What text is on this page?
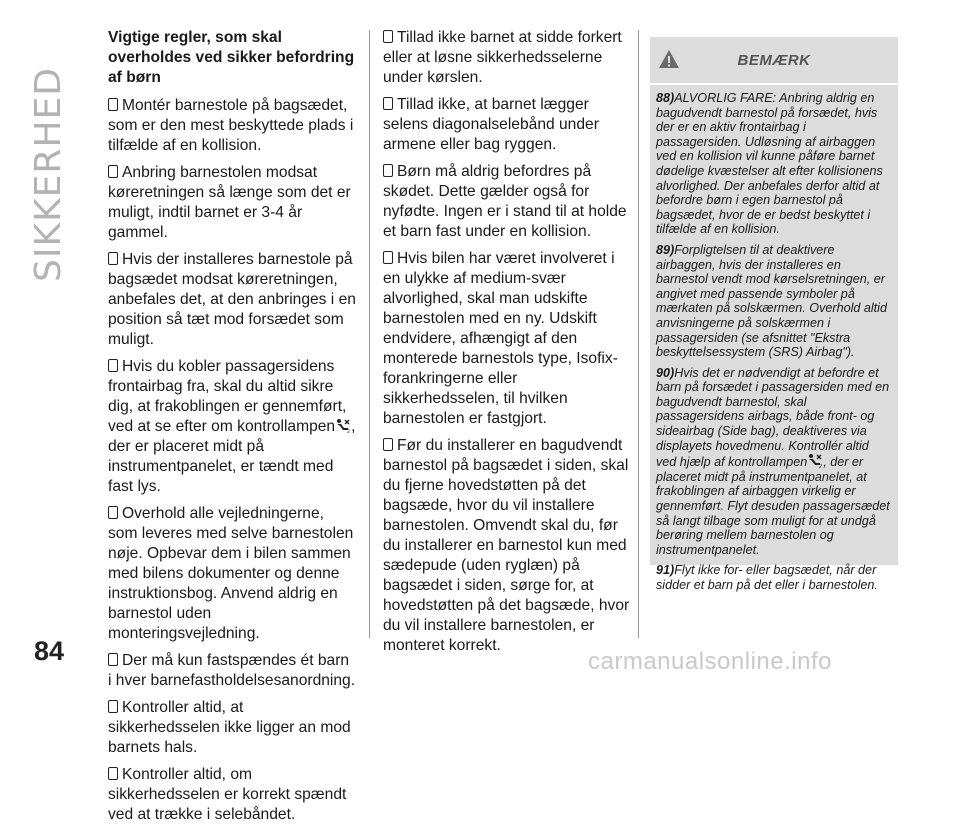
SIKKERHED
Vigtige regler, som skal overholdes ved sikker befordring af børn

Montér barnestole på bagsædet, som er den mest beskyttede plads i tilfælde af en kollision.

Anbring barnestolen modsat køreretningen så længe som det er muligt, indtil barnet er 3-4 år gammel.

Hvis der installeres barnestole på bagsædet modsat køreretningen, anbefales det, at den anbringes i en position så tæt mod forsædet som muligt.

Hvis du kobler passagersidens frontairbag fra, skal du altid sikre dig, at frakoblingen er gennemført, ved at se efter om kontrollampen 2 , der er placeret midt på instrumentpanelet, er tændt med fast lys.

Overhold alle vejledningerne, som leveres med selve barnestolen nøje. Opbevar dem i bilen sammen med bilens dokumenter og denne instruktionsbog. Anvend aldrig en barnestol uden monteringsvejledning.

Der må kun fastspændes ét barn i hver barnefastholdelsesanordning.

Kontroller altid, at sikkerhedsselen ikke ligger an mod barnets hals.

Kontroller altid, om sikkerhedsselen er korrekt spændt ved at trække i selebåndet.

Tillad ikke barnet at sidde forkert eller at løsne sikkerhedsselerne under kørslen.

Tillad ikke, at barnet lægger selens diagonalselebånd under armene eller bag ryggen.

Børn må aldrig befordres på skødet. Dette gælder også for nyfødte. Ingen er i stand til at holde et barn fast under en kollision.

Hvis bilen har været involveret i en ulykke af medium-svær alvorlighed, skal man udskifte barnestolen med en ny. Udskift endvidere, afhængigt af den monterede barnestols type, Isofix-forankringerne eller sikkerhedsselen, til hvilken barnestolen er fastgjort.

Før du installerer en bagudvendt barnestol på bagsædet i siden, skal du fjerne hovedstøtten på det bagsæde, hvor du vil installere barnestolen. Omvendt skal du, før du installerer en barnestol kun med sædepude (uden ryglæn) på bagsædet i siden, sørge for, at hovedstøtten på det bagsæde, hvor du vil installere barnestolen, er monteret korrekt.

BEMÆRK

88)ALVORLIG FARE: Anbring aldrig en bagudvendt barnestol på forsædet, hvis der er en aktiv frontairbag i passagersiden. Udløsning af airbaggen ved en kollision vil kunne påføre barnet dødelige kvæstelser alt efter kollisionens alvorlighed. Der anbefales derfor altid at befordre børn i egen barnestol på bagsædet, hvor de er bedst beskyttet i tilfælde af en kollision.

89)Forpligtelsen til at deaktivere airbaggen, hvis der installeres en barnestol vendt mod kørselsretningen, er angivet med passende symboler på mærkaten på solskærmen. Overhold altid anvisningerne på solskærmen i passagersiden (se afsnittet "Ekstra beskyttelsessystem (SRS) Airbag").

90)Hvis det er nødvendigt at befordre et barn på forsædet i passagersiden med en bagudvendt barnestol, skal passagersidens airbags, både front- og sideairbag (Side bag), deaktiveres via displayets hovedmenu. Kontrollér altid ved hjælp af kontrollampen 2 , der er placeret midt på instrumentpanelet, at frakoblingen af airbaggen virkelig er gennemført. Flyt desuden passagersædet så langt tilbage som muligt for at undgå berøring mellem barnestolen og instrumentpanelet.

91)Flyt ikke for- eller bagsædet, når der sidder et barn på det eller i barnestolen.

84	carmanualsonline.info
